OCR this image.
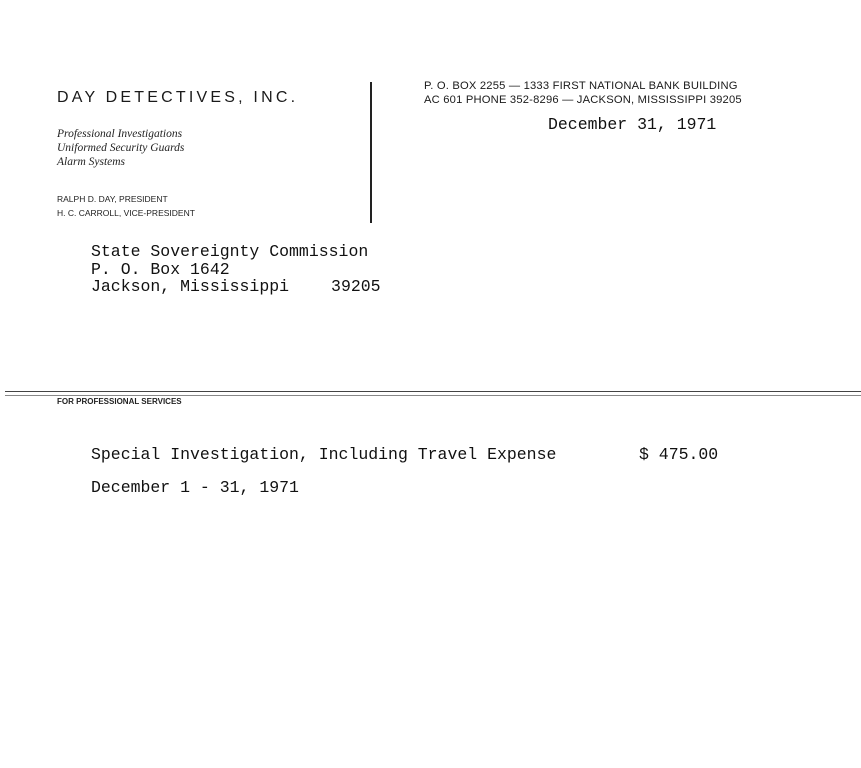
DAY DETECTIVES, INC.
Professional Investigations
Uniformed Security Guards
Alarm Systems
RALPH D. DAY, PRESIDENT
H. C. CARROLL, VICE-PRESIDENT
P. O. BOX 2255 — 1333 FIRST NATIONAL BANK BUILDING
AC 601 PHONE 352-8296 — JACKSON, MISSISSIPPI 39205
December 31, 1971
State Sovereignty Commission
P. O. Box 1642
Jackson, Mississippi	39205
FOR PROFESSIONAL SERVICES
Special Investigation, Including Travel Expense	$ 475.00
December 1 - 31, 1971
